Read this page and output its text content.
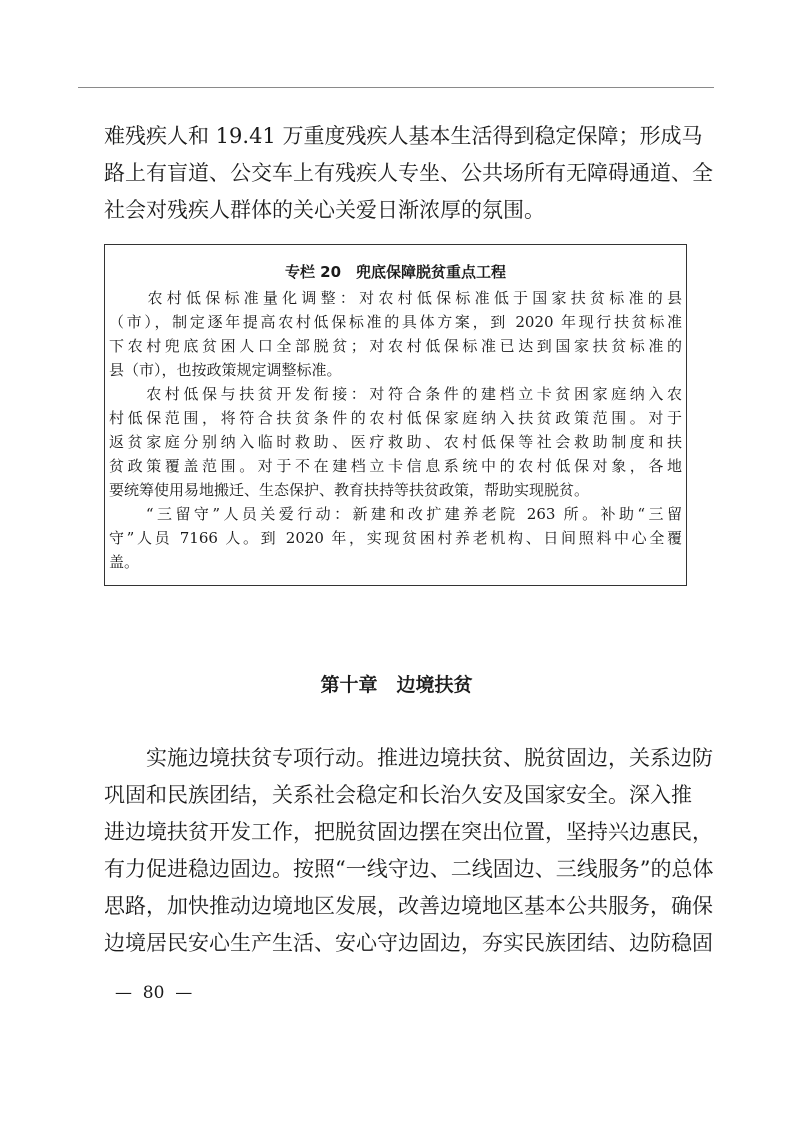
难残疾人和 19.41 万重度残疾人基本生活得到稳定保障；形成马
路上有盲道、公交车上有残疾人专坐、公共场所有无障碍通道、全
社会对残疾人群体的关心关爱日渐浓厚的氛围。
专栏 20　兜底保障脱贫重点工程
　　农村低保标准量化调整：对农村低保标准低于国家扶贫标准的县
（市），制定逐年提高农村低保标准的具体方案，到 2020 年现行扶贫标准
下农村兜底贫困人口全部脱贫；对农村低保标准已达到国家扶贫标准的
县（市），也按政策规定调整标准。
　　农村低保与扶贫开发衔接：对符合条件的建档立卡贫困家庭纳入农
村低保范围，将符合扶贫条件的农村低保家庭纳入扶贫政策范围。对于
返贫家庭分别纳入临时救助、医疗救助、农村低保等社会救助制度和扶
贫政策覆盖范围。对于不在建档立卡信息系统中的农村低保对象，各地
要统筹使用易地搬迁、生态保护、教育扶持等扶贫政策，帮助实现脱贫。
　　“三留守”人员关爱行动：新建和改扩建养老院 263 所。补助“三留
守”人员 7166 人。到 2020 年，实现贫困村养老机构、日间照料中心全覆
盖。
第十章　边境扶贫
　　实施边境扶贫专项行动。推进边境扶贫、脱贫固边，关系边防
巩固和民族团结，关系社会稳定和长治久安及国家安全。深入推
进边境扶贫开发工作，把脱贫固边摆在突出位置，坚持兴边惠民，
有力促进稳边固边。按照“一线守边、二线固边、三线服务”的总体
思路，加快推动边境地区发展，改善边境地区基本公共服务，确保
边境居民安心生产生活、安心守边固边，夯实民族团结、边防稳固
—  80  —
